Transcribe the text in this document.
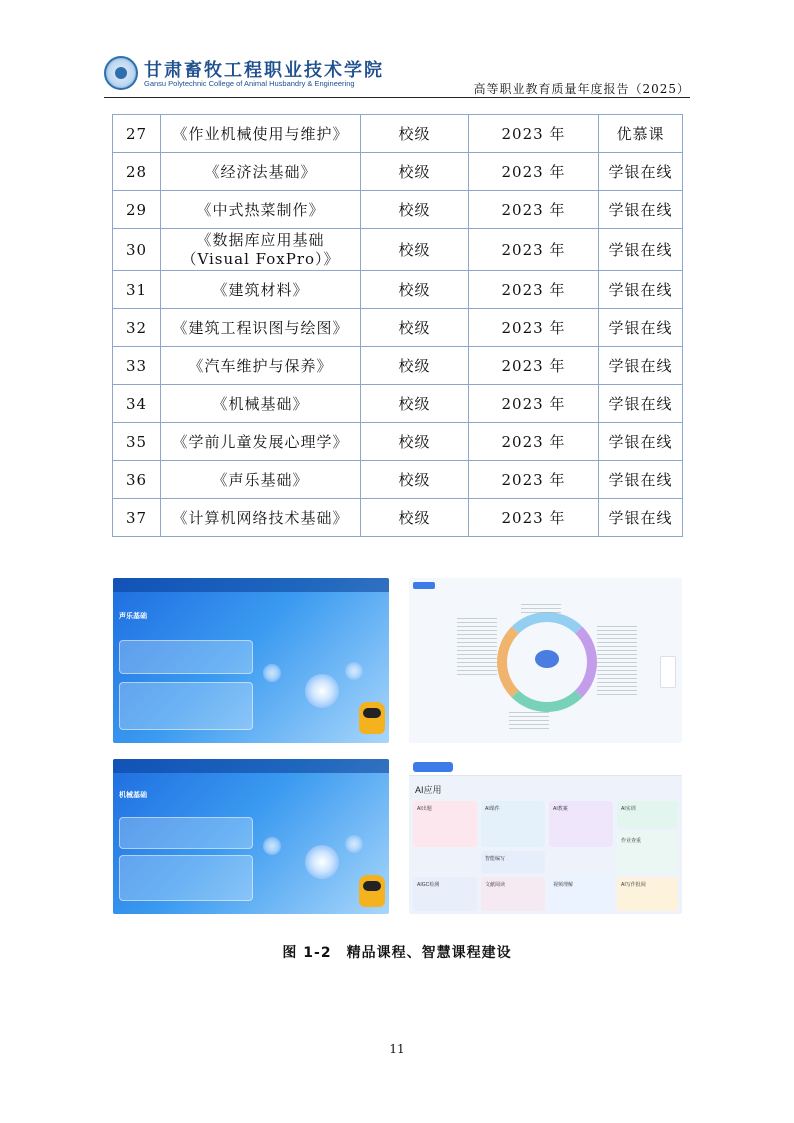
甘肃畜牧工程职业技术学院
Gansu Polytechnic College of Animal Husbandry & Engineering	高等职业教育质量年度报告（2025）
27	《作业机械使用与维护》	校级	2023 年	优慕课
28	《经济法基础》	校级	2023 年	学银在线
29	《中式热菜制作》	校级	2023 年	学银在线
30	《数据库应用基础
（Visual FoxPro）》	校级	2023 年	学银在线
31	《建筑材料》	校级	2023 年	学银在线
32	《建筑工程识图与绘图》	校级	2023 年	学银在线
33	《汽车维护与保养》	校级	2023 年	学银在线
34	《机械基础》	校级	2023 年	学银在线
35	《学前儿童发展心理学》	校级	2023 年	学银在线
36	《声乐基础》	校级	2023 年	学银在线
37	《计算机网络技术基础》	校级	2023 年	学银在线
声乐基础
机械基础
AI应用
AI出题	AI课件	AI教案	AI实训
智能编写
作业查重
AIGC检测	文献阅读	视频理解	AI写作批阅
图 1-2　精品课程、智慧课程建设
11
